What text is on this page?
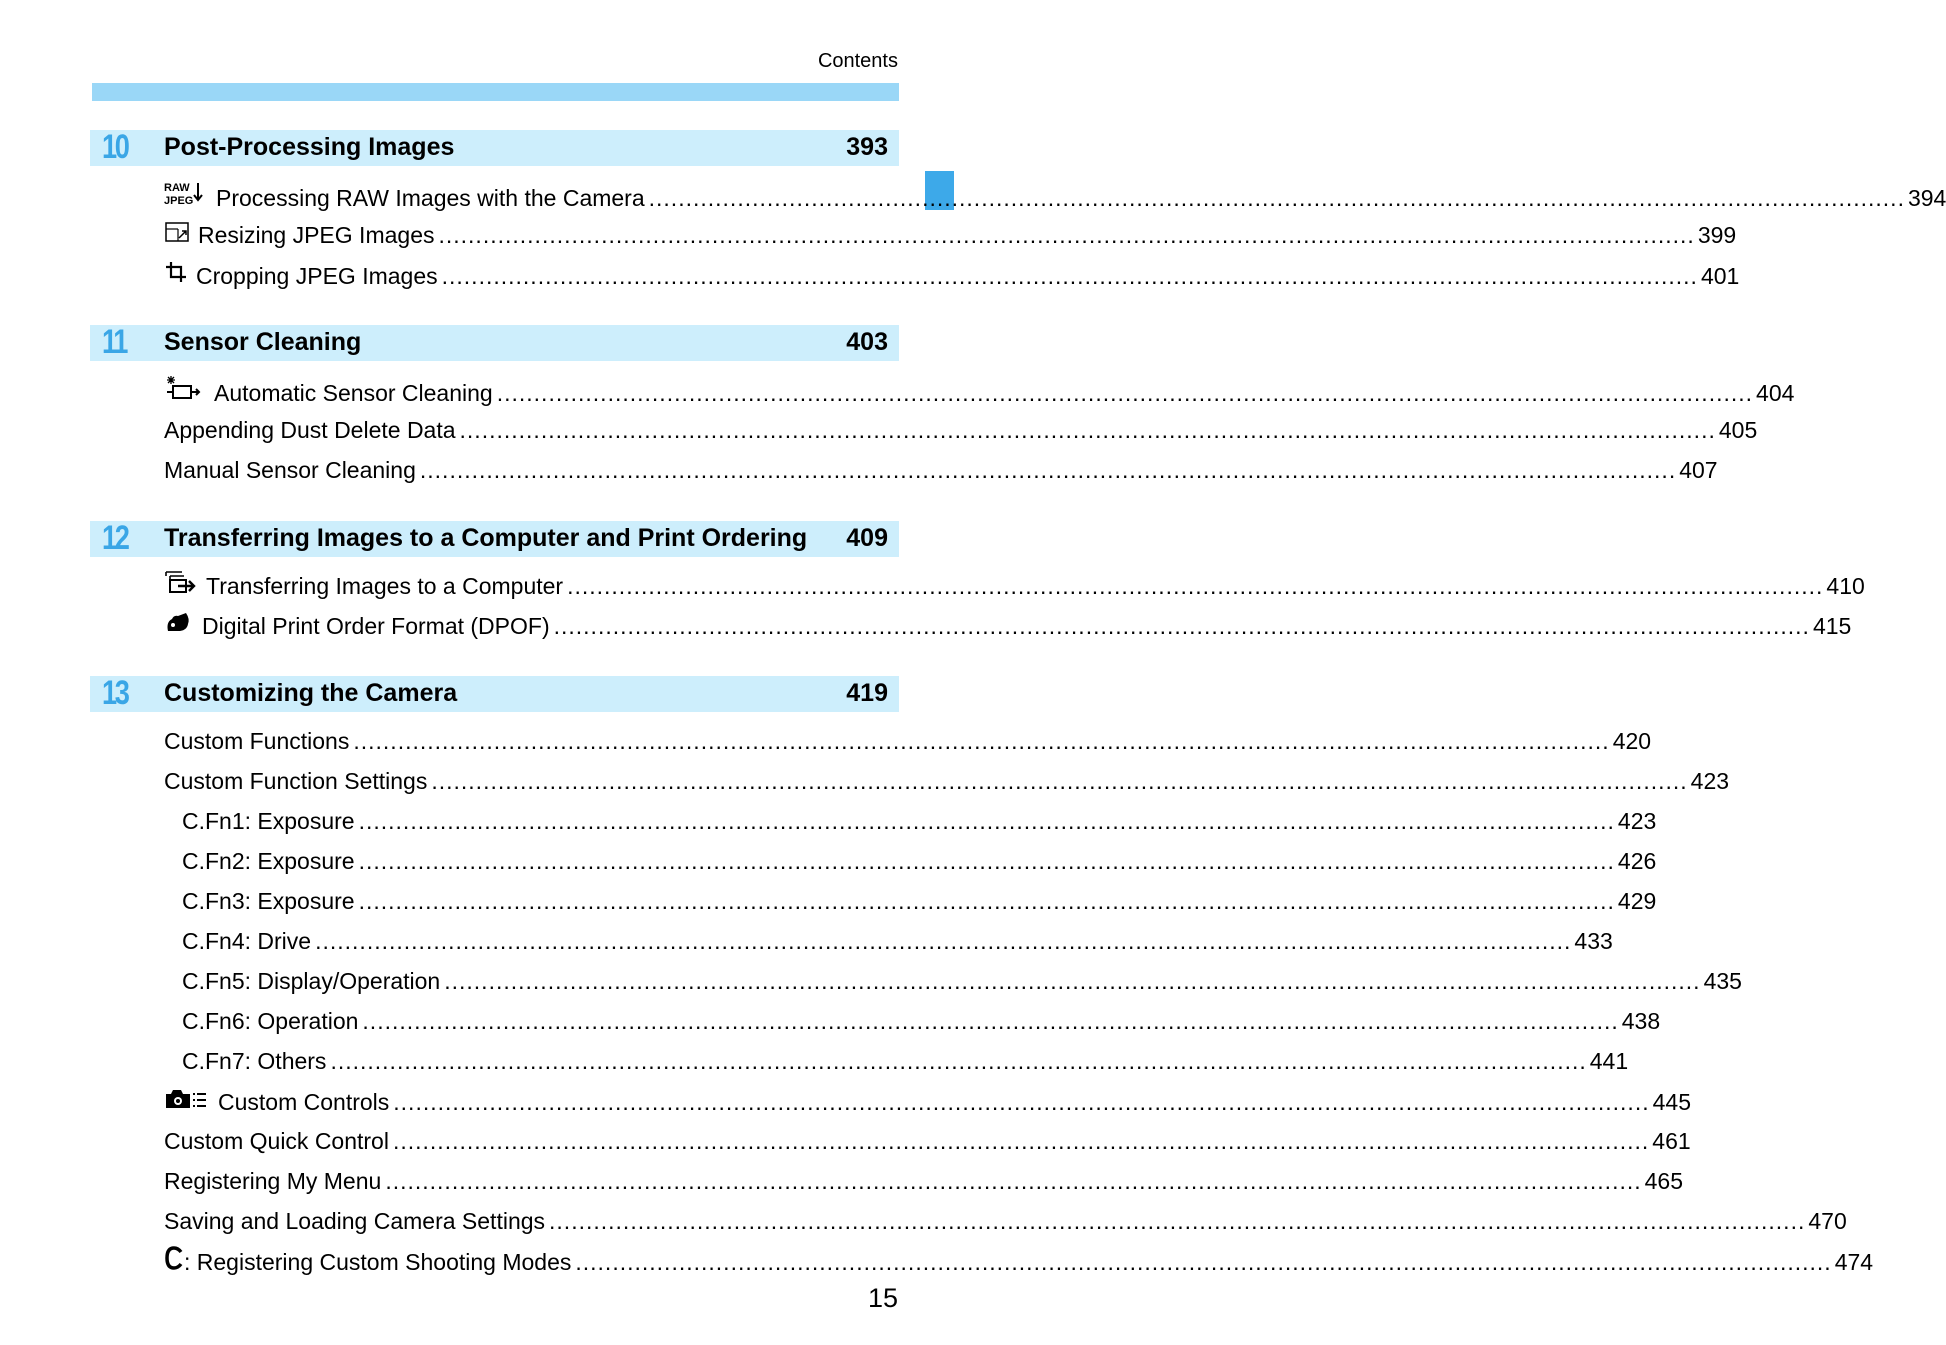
Contents
10	Post-Processing Images	393
RAW
JPEG Processing RAW Images with the Camera .......................................................................................................................................................................... 394
Resizing JPEG Images .......................................................................................................................................................................... 399
Cropping JPEG Images .......................................................................................................................................................................... 401
11	Sensor Cleaning	403
Automatic Sensor Cleaning .......................................................................................................................................................................... 404
Appending Dust Delete Data .......................................................................................................................................................................... 405
Manual Sensor Cleaning .......................................................................................................................................................................... 407
12	Transferring Images to a Computer and Print Ordering 409
Transferring Images to a Computer .......................................................................................................................................................................... 410
Digital Print Order Format (DPOF) .......................................................................................................................................................................... 415
13	Customizing the Camera	419
Custom Functions .......................................................................................................................................................................... 420
Custom Function Settings .......................................................................................................................................................................... 423
C.Fn1: Exposure .......................................................................................................................................................................... 423
C.Fn2: Exposure .......................................................................................................................................................................... 426
C.Fn3: Exposure .......................................................................................................................................................................... 429
C.Fn4: Drive .......................................................................................................................................................................... 433
C.Fn5: Display/Operation .......................................................................................................................................................................... 435
C.Fn6: Operation .......................................................................................................................................................................... 438
C.Fn7: Others .......................................................................................................................................................................... 441
Custom Controls .......................................................................................................................................................................... 445
Custom Quick Control .......................................................................................................................................................................... 461
Registering My Menu .......................................................................................................................................................................... 465
Saving and Loading Camera Settings .......................................................................................................................................................................... 470
: Registering Custom Shooting Modes .......................................................................................................................................................................... 474
15
